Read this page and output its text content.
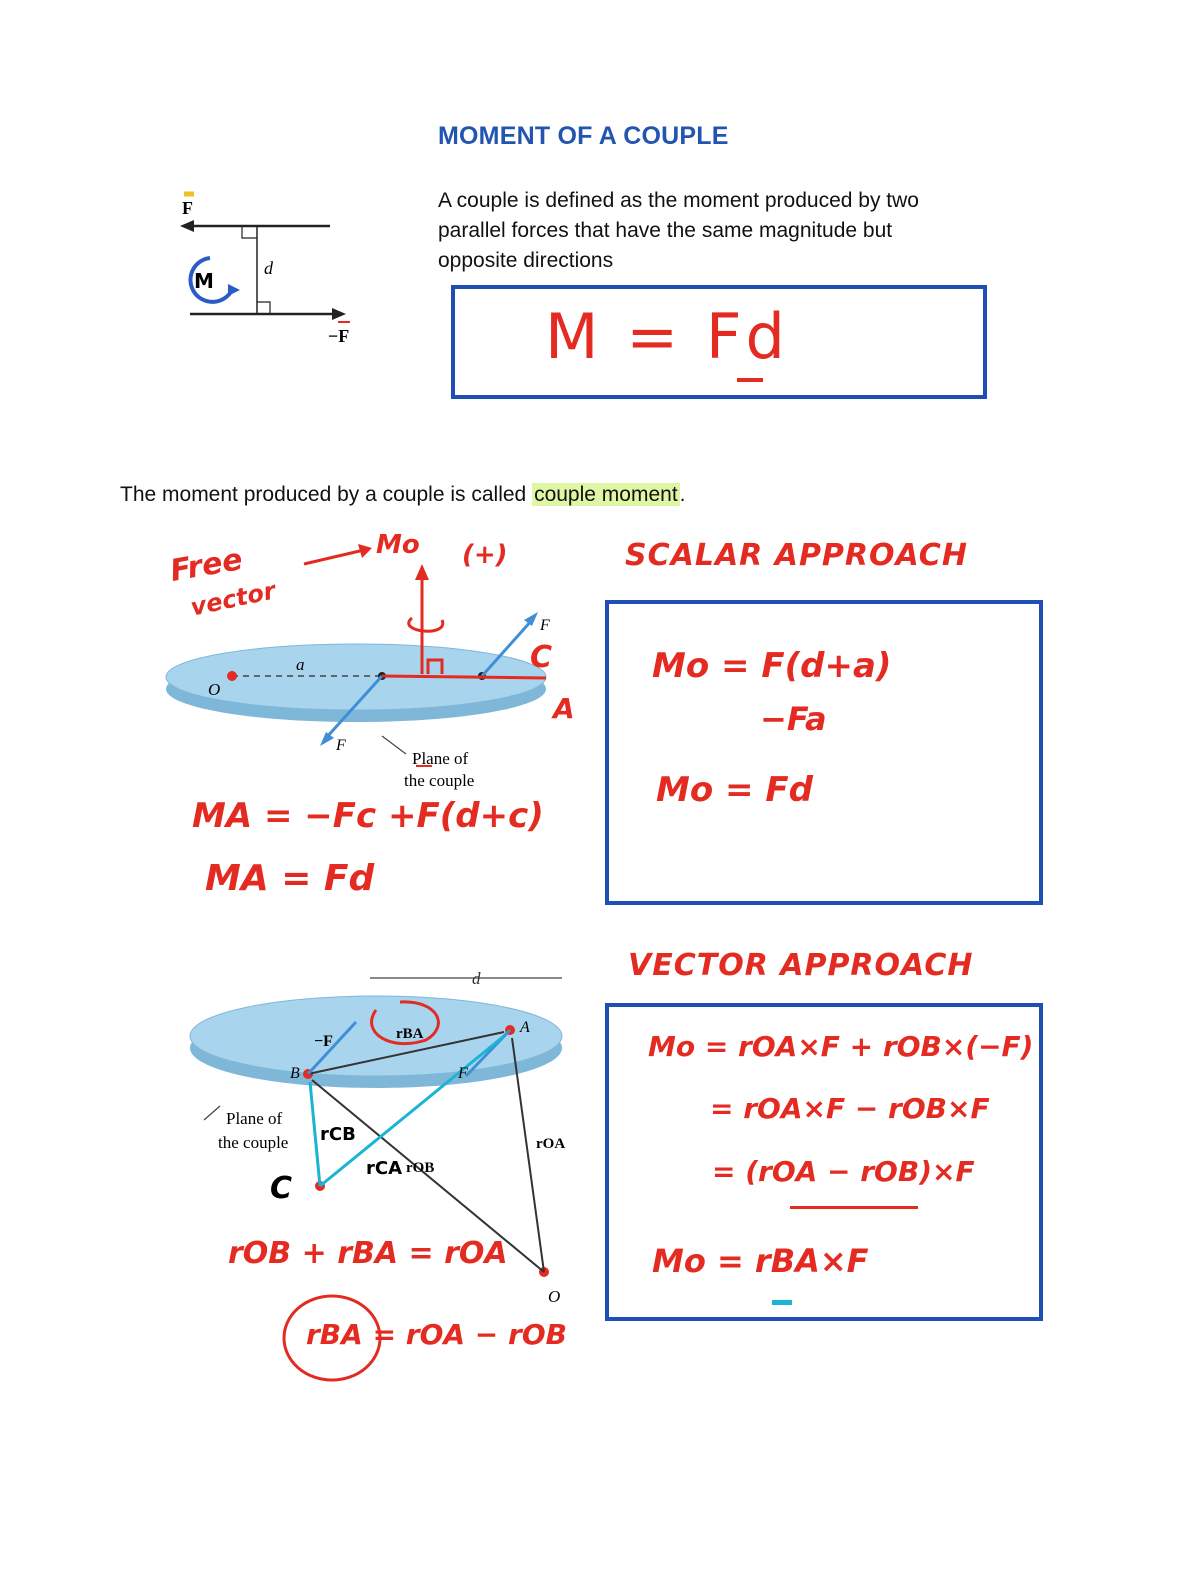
MOMENT OF A COUPLE
A couple is defined as the moment produced by two
parallel forces that have the same magnitude but
opposite directions
F
d
−F
M
M = Fd
The moment produced by a couple is called couple moment.
O
a
F
F
Plane of
the couple
Free
vector
Mo (+)
C
A
MA = −Fc +F(d+c)
MA = Fd
SCALAR APPROACH
Mo = F(d+a)
−Fa
Mo = Fd
VECTOR APPROACH
Mo = rOA×F + rOB×(−F)
= rOA×F − rOB×F
= (rOA − rOB)×F
Mo = rBA×F
d
−F	rBA
B
A
F
Plane of
the couple
rOB
rOA
O
C
rCB
rCA
rOB + rBA = rOA
rBA = rOA − rOB
